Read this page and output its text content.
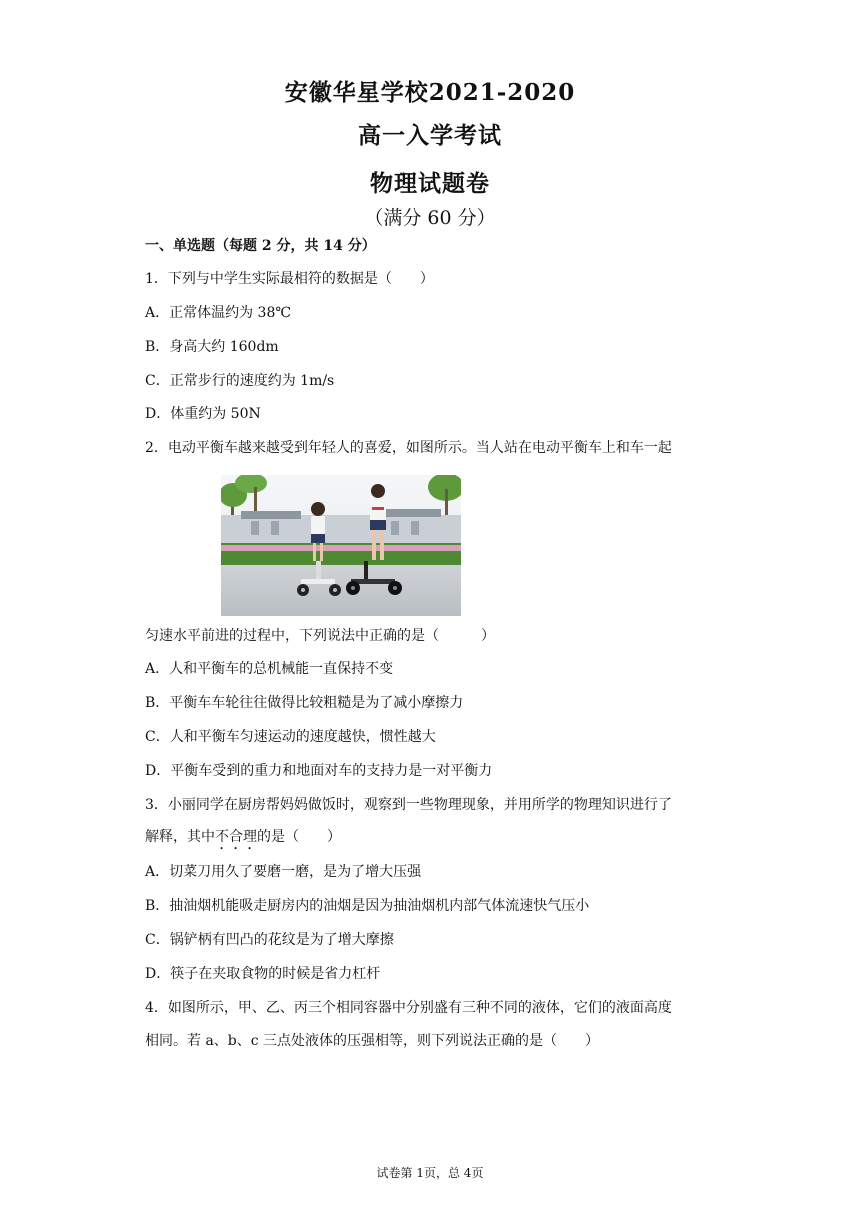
安徽华星学校2021-2020
高一入学考试
物理试题卷
（满分 60 分）
一、单选题（每题 2 分，共 14 分）
1．下列与中学生实际最相符的数据是（　　）
A．正常体温约为 38℃
B．身高大约 160dm
C．正常步行的速度约为 1m/s
D．体重约为 50N
2．电动平衡车越来越受到年轻人的喜爱，如图所示。当人站在电动平衡车上和车一起
匀速水平前进的过程中，下列说法中正确的是（　　　）
A．人和平衡车的总机械能一直保持不变
B．平衡车车轮往往做得比较粗糙是为了减小摩擦力
C．人和平衡车匀速运动的速度越快，惯性越大
D．平衡车受到的重力和地面对车的支持力是一对平衡力
3．小丽同学在厨房帮妈妈做饭时，观察到一些物理现象，并用所学的物理知识进行了
解释，其中不合理的是（　　）
A．切菜刀用久了要磨一磨，是为了增大压强
B．抽油烟机能吸走厨房内的油烟是因为抽油烟机内部气体流速快气压小
C．锅铲柄有凹凸的花纹是为了增大摩擦
D．筷子在夹取食物的时候是省力杠杆
4．如图所示，甲、乙、丙三个相同容器中分别盛有三种不同的液体，它们的液面高度
相同。若 a、b、c 三点处液体的压强相等，则下列说法正确的是（　　）
试卷第 1页，总 4页
